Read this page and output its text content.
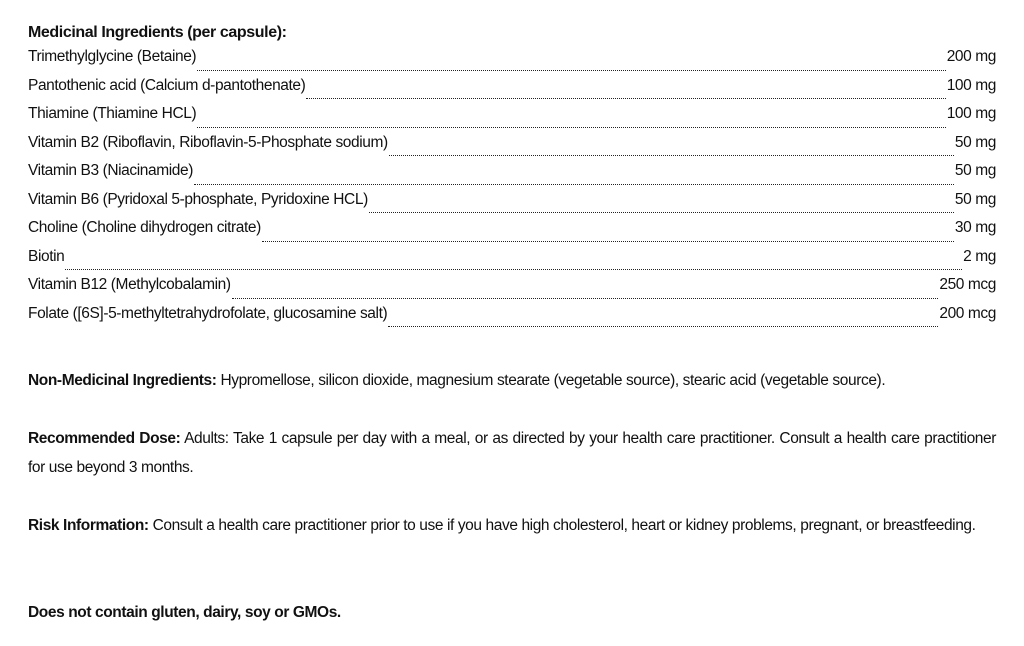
Medicinal Ingredients (per capsule):
Trimethylglycine (Betaine)	200 mg
Pantothenic acid (Calcium d-pantothenate)	100 mg
Thiamine (Thiamine HCL)	100 mg
Vitamin B2 (Riboflavin, Riboflavin-5-Phosphate sodium)	50 mg
Vitamin B3 (Niacinamide)	50 mg
Vitamin B6 (Pyridoxal 5-phosphate, Pyridoxine HCL)	50 mg
Choline (Choline dihydrogen citrate)	30 mg
Biotin	2 mg
Vitamin B12 (Methylcobalamin)	250 mcg
Folate ([6S]-5-methyltetrahydrofolate, glucosamine salt)	200 mcg

Non-Medicinal Ingredients: Hypromellose, silicon dioxide, magnesium stearate (vegetable source), stearic acid (vegetable source).

Recommended Dose: Adults: Take 1 capsule per day with a meal, or as directed by your health care practitioner. Consult a health care practitioner for use beyond 3 months.

Risk Information: Consult a health care practitioner prior to use if you have high cholesterol, heart or kidney problems, pregnant, or breastfeeding.

Does not contain gluten, dairy, soy or GMOs.
